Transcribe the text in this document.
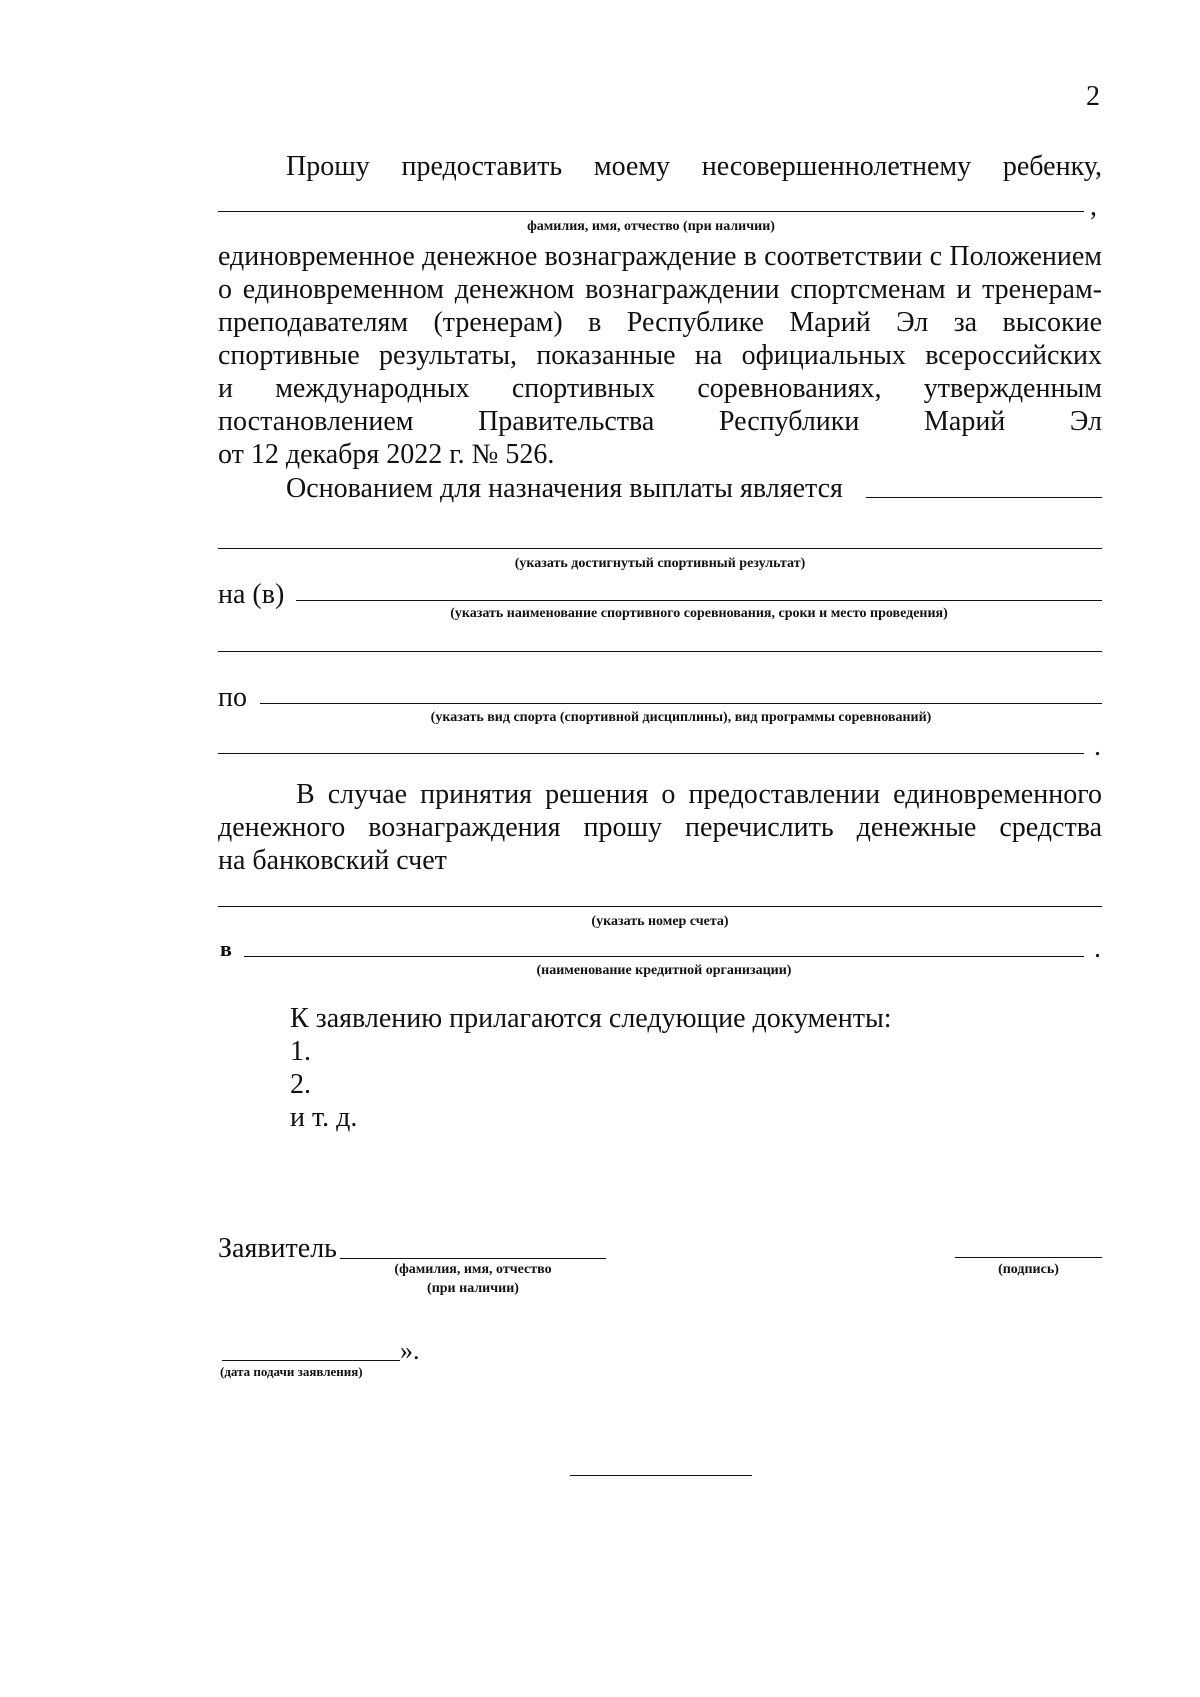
2
Прошу предоставить моему несовершеннолетнему ребенку,
,
фамилия, имя, отчество (при наличии)
единовременное денежное вознаграждение в соответствии с Положением
о единовременном денежном вознаграждении спортсменам и тренерам-
преподавателям (тренерам) в Республике Марий Эл за высокие
спортивные результаты, показанные на официальных всероссийских
и международных спортивных соревнованиях, утвержденным
постановлением Правительства Республики Марий Эл
от 12 декабря 2022 г. № 526.
Основанием для назначения выплаты является
(указать достигнутый спортивный результат)
на (в)
(указать наименование спортивного соревнования, сроки и место проведения)
по
(указать вид спорта (спортивной дисциплины), вид программы соревнований)
.
В случае принятия решения о предоставлении единовременного
денежного вознаграждения прошу перечислить денежные средства
на банковский счет
(указать номер счета)
в	.
(наименование кредитной организации)
К заявлению прилагаются следующие документы:
1.
2.
и т. д.
Заявитель
(фамилия, имя, отчество
(при наличии)
(подпись)
».
(дата подачи заявления)
